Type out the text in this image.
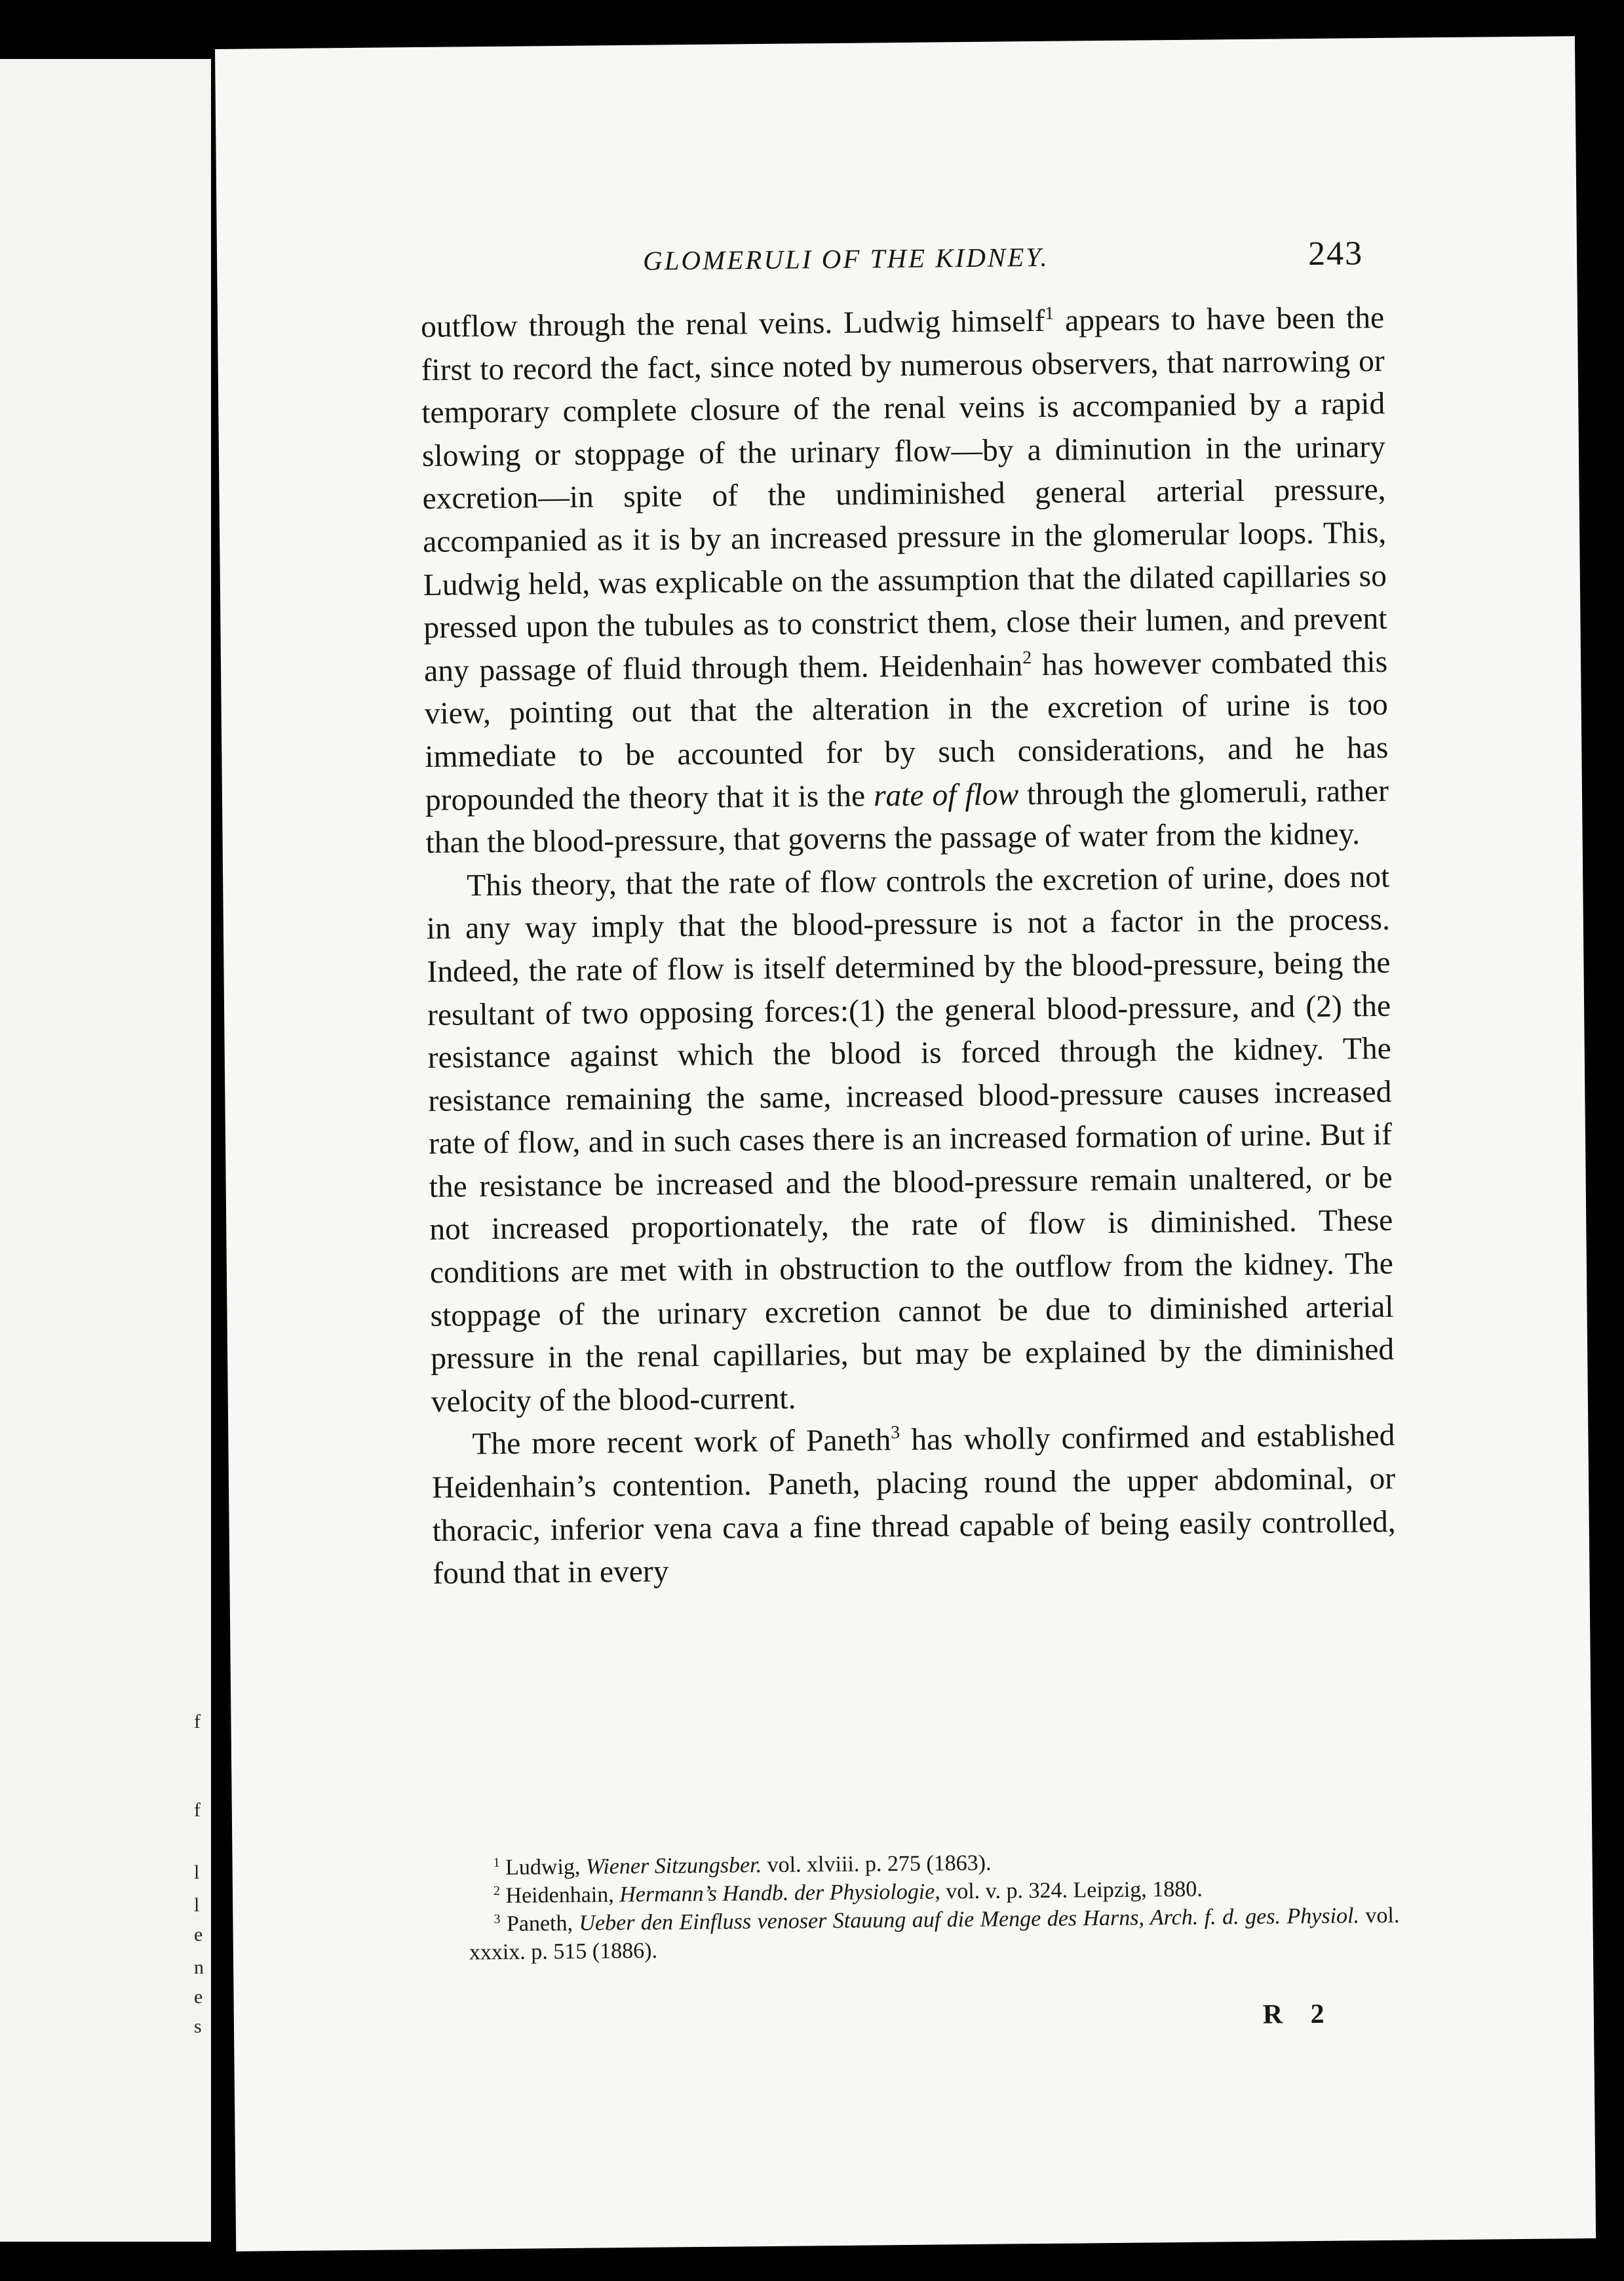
f
f
l
l
e
n
e
s
GLOMERULI OF THE KIDNEY.	243

outflow through the renal veins. Ludwig himself$^1$ appears to have been the first to record the fact, since noted by numerous observers, that narrowing or temporary complete closure of the renal veins is accompanied by a rapid slowing or stoppage of the urinary flow—by a diminution in the urinary excretion—in spite of the undiminished general arterial pressure, accompanied as it is by an increased pressure in the glomerular loops. This, Ludwig held, was explicable on the assumption that the dilated capillaries so pressed upon the tubules as to constrict them, close their lumen, and prevent any passage of fluid through them. Heidenhain$^2$ has however combated this view, pointing out that the alteration in the excretion of urine is too immediate to be accounted for by such considerations, and he has propounded the theory that it is the rate of flow through the glomeruli, rather than the blood-pressure, that governs the passage of water from the kidney.

This theory, that the rate of flow controls the excretion of urine, does not in any way imply that the blood-pressure is not a factor in the process. Indeed, the rate of flow is itself determined by the blood-pressure, being the resultant of two opposing forces:(1) the general blood-pressure, and (2) the resistance against which the blood is forced through the kidney. The resistance remaining the same, increased blood-pressure causes increased rate of flow, and in such cases there is an increased formation of urine. But if the resistance be increased and the blood-pressure remain unaltered, or be not increased proportionately, the rate of flow is diminished. These conditions are met with in obstruction to the outflow from the kidney. The stoppage of the urinary excretion cannot be due to diminished arterial pressure in the renal capillaries, but may be explained by the diminished velocity of the blood-current.

The more recent work of Paneth$^3$ has wholly confirmed and established Heidenhain’s contention. Paneth, placing round the upper abdominal, or thoracic, inferior vena cava a fine thread capable of being easily controlled, found that in every

$^1$ Ludwig, Wiener Sitzungsber. vol. xlviii. p. 275 (1863).

$^2$ Heidenhain, Hermann’s Handb. der Physiologie, vol. v. p. 324. Leipzig, 1880.

$^3$ Paneth, Ueber den Einfluss venoser Stauung auf die Menge des Harns, Arch. f. d. ges. Physiol. vol. xxxix. p. 515 (1886).

R 2
